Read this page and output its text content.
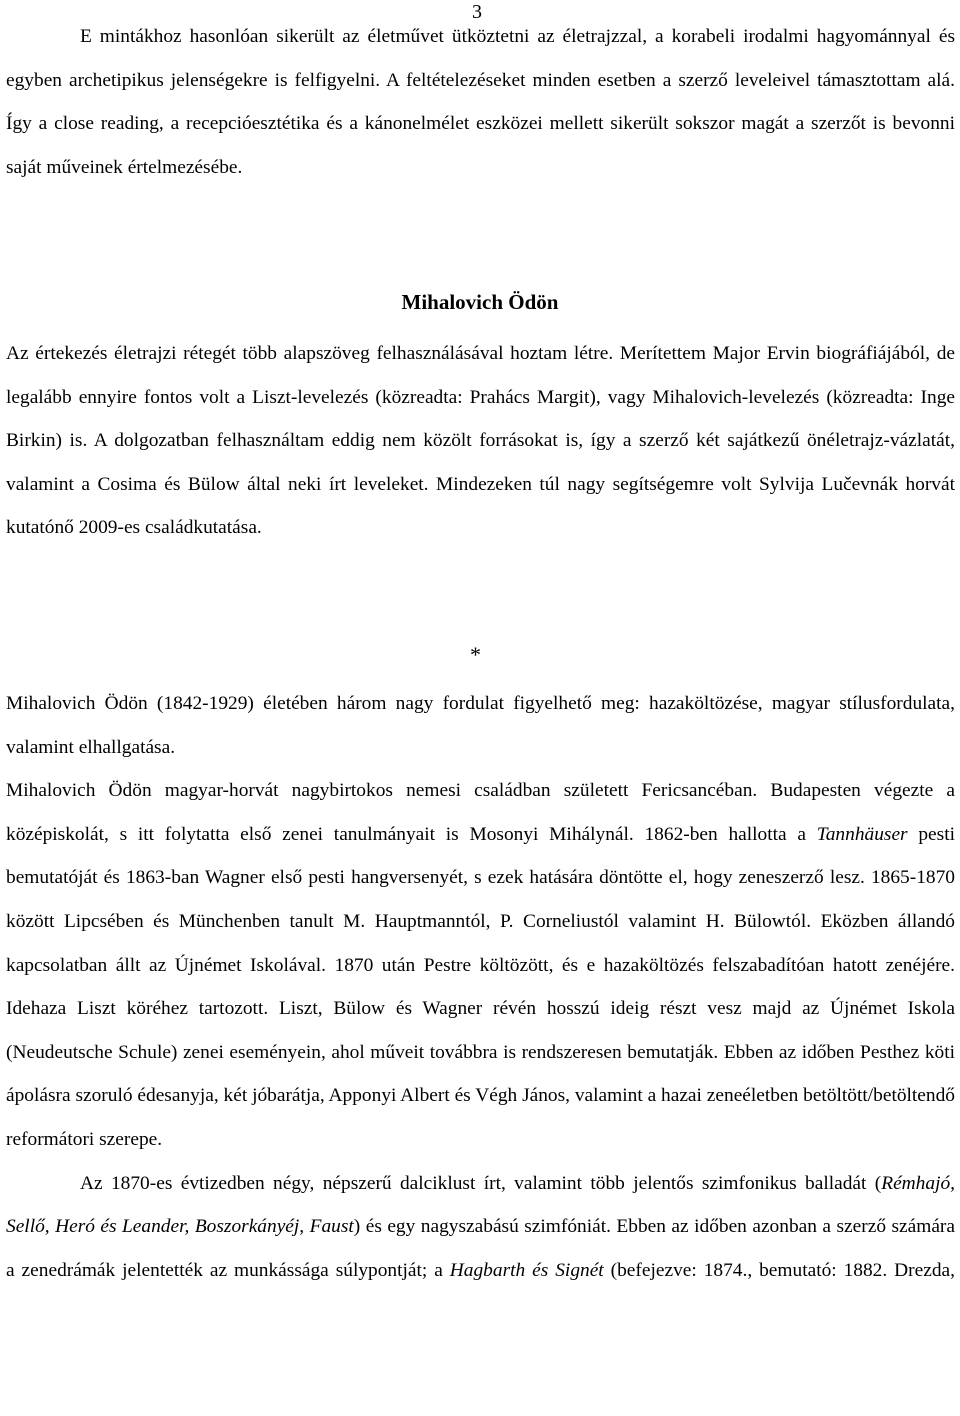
3

E mintákhoz hasonlóan sikerült az életművet ütköztetni az életrajzzal, a korabeli irodalmi hagyománnyal és egyben archetipikus jelenségekre is felfigyelni. A feltételezéseket minden esetben a szerző leveleivel támasztottam alá. Így a close reading, a recepcióesztétika és a kánonelmélet eszközei mellett sikerült sokszor magát a szerzőt is bevonni saját műveinek értelmezésébe.

Mihalovich Ödön

Az értekezés életrajzi rétegét több alapszöveg felhasználásával hoztam létre. Merítettem Major Ervin biográfiájából, de legalább ennyire fontos volt a Liszt-levelezés (közreadta: Prahács Margit), vagy Mihalovich-levelezés (közreadta: Inge Birkin) is. A dolgozatban felhasználtam eddig nem közölt forrásokat is, így a szerző két sajátkezű önéletrajz-vázlatát, valamint a Cosima és Bülow által neki írt leveleket. Mindezeken túl nagy segítségemre volt Sylvija Lučevnák horvát kutatónő 2009-es családkutatása.

*

Mihalovich Ödön (1842-1929) életében három nagy fordulat figyelhető meg: hazaköltözése, magyar stílusfordulata, valamint elhallgatása.

Mihalovich Ödön magyar-horvát nagybirtokos nemesi családban született Fericsancéban. Budapesten végezte a középiskolát, s itt folytatta első zenei tanulmányait is Mosonyi Mihálynál. 1862-ben hallotta a Tannhäuser pesti bemutatóját és 1863-ban Wagner első pesti hangversenyét, s ezek hatására döntötte el, hogy zeneszerző lesz. 1865-1870 között Lipcsében és Münchenben tanult M. Hauptmanntól, P. Corneliustól valamint H. Bülowtól. Eközben állandó kapcsolatban állt az Újnémet Iskolával. 1870 után Pestre költözött, és e hazaköltözés felszabadítóan hatott zenéjére. Idehaza Liszt köréhez tartozott. Liszt, Bülow és Wagner révén hosszú ideig részt vesz majd az Újnémet Iskola (Neudeutsche Schule) zenei eseményein, ahol műveit továbbra is rendszeresen bemutatják. Ebben az időben Pesthez köti ápolásra szoruló édesanyja, két jóbarátja, Apponyi Albert és Végh János, valamint a hazai zeneéletben betöltött/betöltendő reformátori szerepe.

Az 1870-es évtizedben négy, népszerű dalciklust írt, valamint több jelentős szimfonikus balladát (Rémhajó, Sellő, Heró és Leander, Boszorkányéj, Faust) és egy nagyszabású szimfóniát. Ebben az időben azonban a szerző számára a zenedrámák jelentették az munkássága súlypontját; a Hagbarth és Signét (befejezve: 1874., bemutató: 1882. Drezda,
